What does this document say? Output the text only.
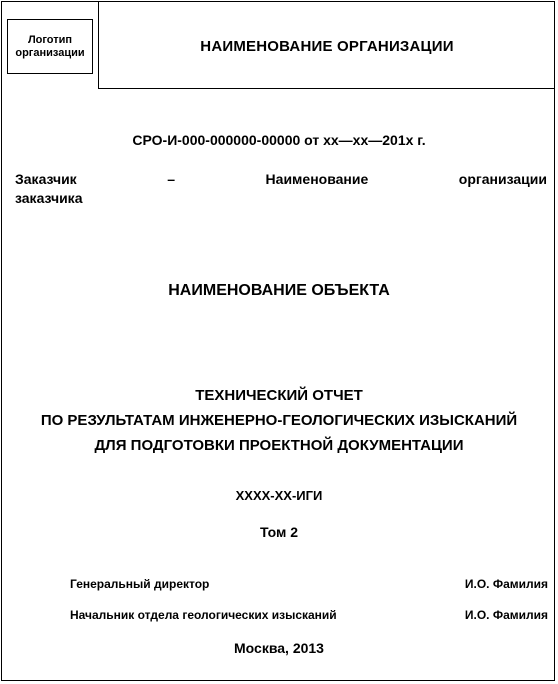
Логотип
организации	НАИМЕНОВАНИЕ ОРГАНИЗАЦИИ
СРО-И-000-000000-00000 от хх—хх—201х г.
Заказчик	–	Наименование	организации
заказчика
НАИМЕНОВАНИЕ ОБЪЕКТА
ТЕХНИЧЕСКИЙ ОТЧЕТ
ПО РЕЗУЛЬТАТАМ ИНЖЕНЕРНО-ГЕОЛОГИЧЕСКИХ ИЗЫСКАНИЙ
ДЛЯ ПОДГОТОВКИ ПРОЕКТНОЙ ДОКУМЕНТАЦИИ
ХХХХ-ХХ-ИГИ
Том 2
Генеральный директор	И.О. Фамилия
Начальник отдела геологических изысканий	И.О. Фамилия
Москва, 2013
